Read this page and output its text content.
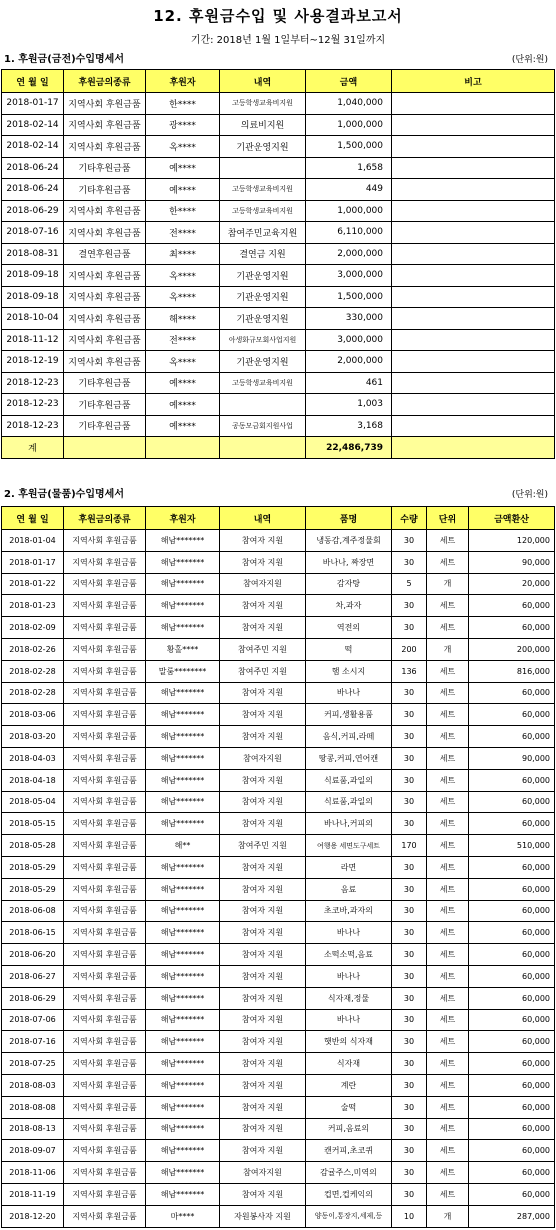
12. 후원금수입 및 사용결과보고서
기간: 2018년 1월 1일부터~12월 31일까지
1. 후원금(금전)수입명세서	(단위:원)
연 월 일	후원금의종류	후원자	내역	금액	비고
2018-01-17	지역사회 후원금품	한****	고등학생교육비지원	1,040,000	
2018-02-14	지역사회 후원금품	광****	의료비지원	1,000,000	
2018-02-14	지역사회 후원금품	옥****	기관운영지원	1,500,000	
2018-06-24	기타후원금품	예****		1,658	
2018-06-24	기타후원금품	예****	고등학생교육비지원	449	
2018-06-29	지역사회 후원금품	한****	고등학생교육비지원	1,000,000	
2018-07-16	지역사회 후원금품	전****	참여주민교육지원	6,110,000	
2018-08-31	결연후원금품	최****	결연금 지원	2,000,000	
2018-09-18	지역사회 후원금품	옥****	기관운영지원	3,000,000	
2018-09-18	지역사회 후원금품	옥****	기관운영지원	1,500,000	
2018-10-04	지역사회 후원금품	해****	기관운영지원	330,000	
2018-11-12	지역사회 후원금품	전****	아생화규모회사업지원	3,000,000	
2018-12-19	지역사회 후원금품	옥****	기관운영지원	2,000,000	
2018-12-23	기타후원금품	예****	고등학생교육비지원	461	
2018-12-23	기타후원금품	예****		1,003	
2018-12-23	기타후원금품	예****	공동모금회지원사업	3,168	
계				22,486,739	
2. 후원금(물품)수입명세서	(단위:원)
연 월 일	후원금의종류	후원자	내역	품명	수량	단위	금액환산
2018-01-04	지역사회 후원금품	해남*******	참여자 지원	냉동감,계주정물회	30	세트	120,000
2018-01-17	지역사회 후원금품	해남*******	참여자 지원	바나나, 짜장면	30	세트	90,000
2018-01-22	지역사회 후원금품	해남*******	참여자지원	감자탕	5	개	20,000
2018-01-23	지역사회 후원금품	해남*******	참여자 지원	차,과자	30	세트	60,000
2018-02-09	지역사회 후원금품	해남*******	참여자 지원	역전의	30	세트	60,000
2018-02-26	지역사회 후원금품	황홀****	참여주민 지원	떡	200	개	200,000
2018-02-28	지역사회 후원금품	말룸********	참여주민 지원	햄 소시지	136	세트	816,000
2018-02-28	지역사회 후원금품	해남*******	참여자 지원	바나나	30	세트	60,000
2018-03-06	지역사회 후원금품	해남*******	참여자 지원	커피,생활용품	30	세트	60,000
2018-03-20	지역사회 후원금품	해남*******	참여자 지원	음식,커피,라떼	30	세트	60,000
2018-04-03	지역사회 후원금품	해남*******	참여자지원	땅콩,커피,연어캔	30	세트	90,000
2018-04-18	지역사회 후원금품	해남*******	참여자 지원	식료품,과일의	30	세트	60,000
2018-05-04	지역사회 후원금품	해남*******	참여자 지원	식료품,과일의	30	세트	60,000
2018-05-15	지역사회 후원금품	해남*******	참여자 지원	바나나,커피의	30	세트	60,000
2018-05-28	지역사회 후원금품	해**	참여주민 지원	여행용 세면도구세트	170	세트	510,000
2018-05-29	지역사회 후원금품	해남*******	참여자 지원	라면	30	세트	60,000
2018-05-29	지역사회 후원금품	해남*******	참여자 지원	음료	30	세트	60,000
2018-06-08	지역사회 후원금품	해남*******	참여자 지원	초코바,과자의	30	세트	60,000
2018-06-15	지역사회 후원금품	해남*******	참여자 지원	바나나	30	세트	60,000
2018-06-20	지역사회 후원금품	해남*******	참여자 지원	소떡소떡,음료	30	세트	60,000
2018-06-27	지역사회 후원금품	해남*******	참여자 지원	바나나	30	세트	60,000
2018-06-29	지역사회 후원금품	해남*******	참여자 지원	식자재,정물	30	세트	60,000
2018-07-06	지역사회 후원금품	해남*******	참여자 지원	바나나	30	세트	60,000
2018-07-16	지역사회 후원금품	해남*******	참여자 지원	햇반의 식자재	30	세트	60,000
2018-07-25	지역사회 후원금품	해남*******	참여자 지원	식자재	30	세트	60,000
2018-08-03	지역사회 후원금품	해남*******	참여자 지원	계란	30	세트	60,000
2018-08-08	지역사회 후원금품	해남*******	참여자 지원	술떡	30	세트	60,000
2018-08-13	지역사회 후원금품	해남*******	참여자 지원	커피,음료의	30	세트	60,000
2018-09-07	지역사회 후원금품	해남*******	참여자 지원	캔커피,초코퀴	30	세트	60,000
2018-11-06	지역사회 후원금품	해남*******	참여자지원	감귤주스,미역의	30	세트	60,000
2018-11-19	지역사회 후원금품	해남*******	참여자 지원	컵면,컵케익의	30	세트	60,000
2018-12-20	지역사회 후원금품	마****	자원봉사자 지원	양동이,통장지,세제,등	10	개	287,000
